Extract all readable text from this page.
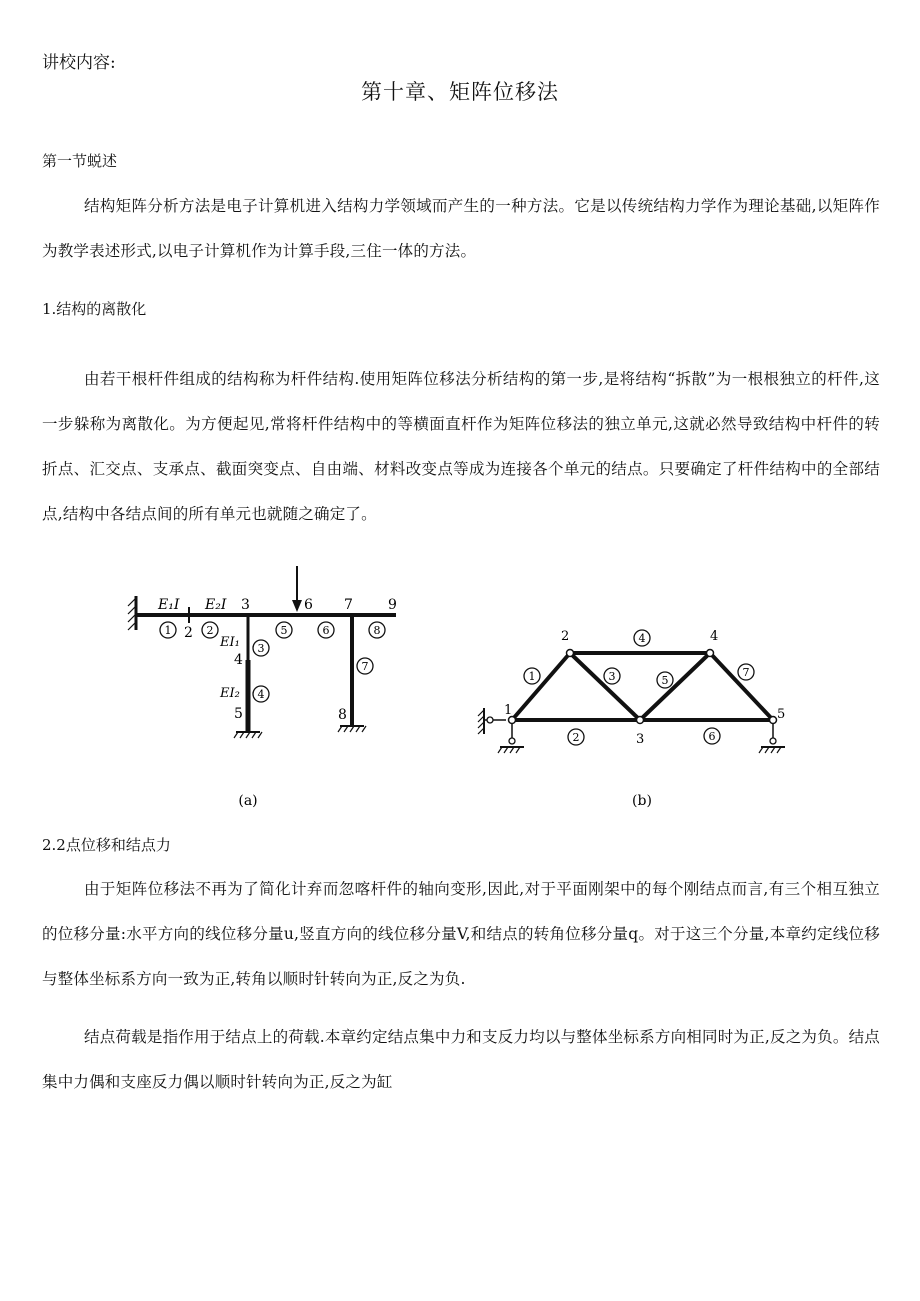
讲校内容:
第十章、矩阵位移法
第一节蜕述
结构矩阵分析方法是电子计算机进入结构力学领域而产生的一种方法。它是以传统结构力学作为理论基础,以矩阵作为教学表述形式,以电子计算机作为计算手段,三住一体的方法。
1.结构的离散化
由若干根杆件组成的结构称为杆件结构.使用矩阵位移法分析结构的第一步,是将结构“拆散”为一根根独立的杆件,这一步躲称为离散化。为方便起见,常将杆件结构中的等横面直杆作为矩阵位移法的独立单元,这就必然导致结构中杆件的转折点、汇交点、支承点、截面突变点、自由端、材料改变点等成为连接各个单元的结点。只要确定了杆件结构中的全部结点,结构中各结点间的所有单元也就随之确定了。
E₁I E₂I
EI₁
EI₂
2
3
4
5
6 7
8
9
1	2
3
4
5	6
7
8
(a)
1
2
3
4
5
1
2
3
4
5
6
7
(b)
2.2点位移和结点力
由于矩阵位移法不再为了简化计弃而忽喀杆件的轴向变形,因此,对于平面刚架中的每个刚结点而言,有三个相互独立的位移分量:水平方向的线位移分量u,竖直方向的线位移分量V,和结点的转角位移分量q。对于这三个分量,本章约定线位移与整体坐标系方向一致为正,转角以顺时针转向为正,反之为负.
结点荷载是指作用于结点上的荷载.本章约定结点集中力和支反力均以与整体坐标系方向相同时为正,反之为负。结点集中力偶和支座反力偶以顺时针转向为正,反之为缸
